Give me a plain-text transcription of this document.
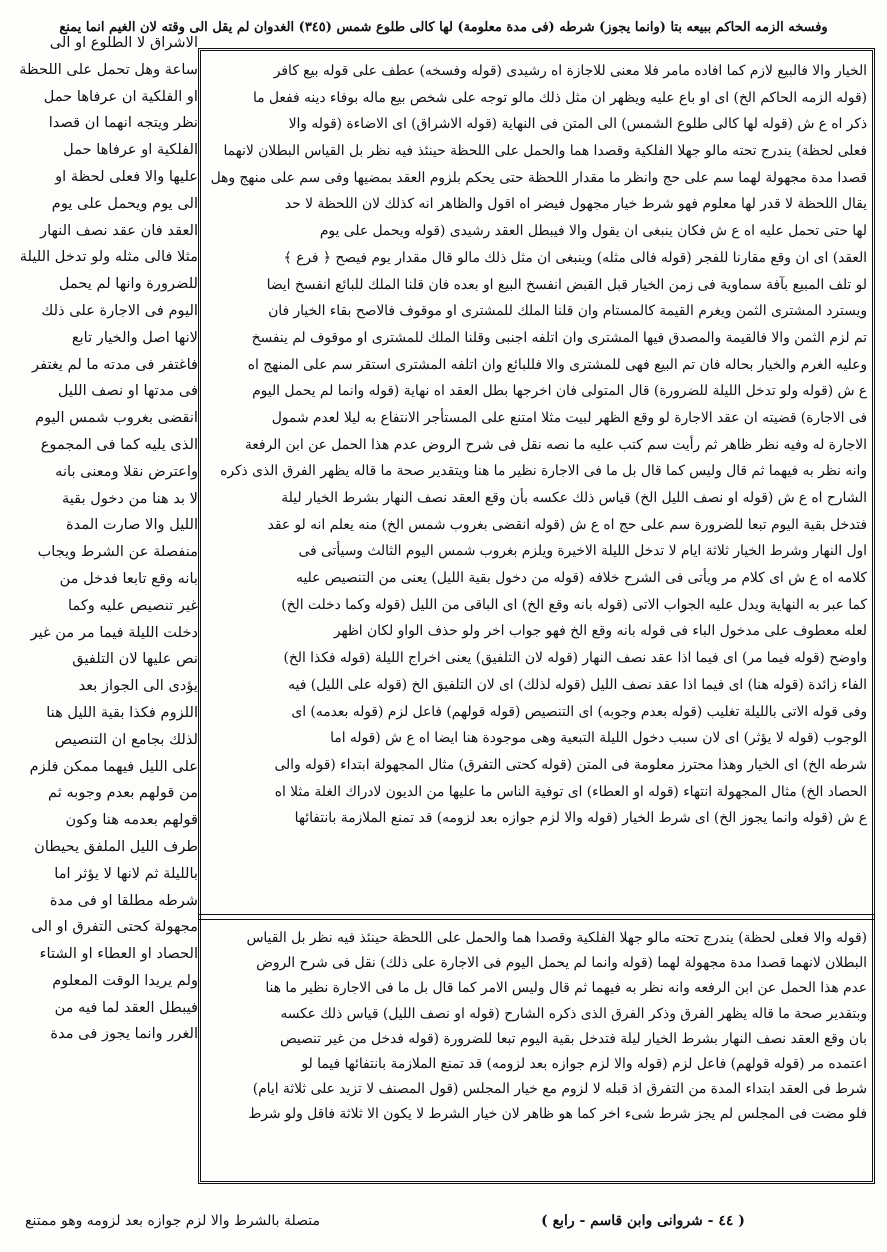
وفسخه الزمه الحاكم ببيعه بتا (وانما يجوز) شرطه (فى مدة معلومة) لها كالى طلوع شمس (٣٤٥) الغدوان لم يقل الى وقته لان الغيم انما يمنع
الاشراق لا الطلوع او الى
ساعة وهل تحمل على اللحظة
او الفلكية ان عرفاها حمل
نظر ويتجه انهما ان قصدا
الفلكية او عرفاها حمل
عليها والا فعلى لحظة او
الى يوم ويحمل على يوم
العقد فان عقد نصف النهار
مثلا فالى مثله ولو تدخل الليلة
للضرورة وانها لم يحمل
اليوم فى الاجارة على ذلك
لانها اصل والخيار تابع
فاغتفر فى مدته ما لم يغتفر
فى مدتها او نصف الليل
انقضى بغروب شمس اليوم
الذى يليه كما فى المجموع
واعترض نقلا ومعنى بانه
لا بد هنا من دخول بقية
الليل والا صارت المدة
منفصلة عن الشرط ويجاب
بانه وقع تابعا فدخل من
غير تنصيص عليه وكما
دخلت الليلة فيما مر من غير
نص عليها لان التلفيق
يؤدى الى الجواز بعد
اللزوم فكذا بقية الليل هنا
لذلك بجامع ان التنصيص
على الليل فيهما ممكن فلزم
من قولهم بعدم وجوبه ثم
قولهم بعدمه هنا وكون
طرف الليل الملفق يحيطان
بالليلة ثم لانها لا يؤثر اما
شرطه مطلقا او فى مدة
مجهولة كحتى التفرق او الى
الحصاد او العطاء او الشتاء
ولم يريدا الوقت المعلوم
فيبطل العقد لما فيه من
الغرر وانما يجوز فى مدة
الخيار والا فالبيع لازم كما افاده مامر فلا معنى للاجازة اه رشيدى (قوله وفسخه) عطف على قوله بيع كافر
(قوله الزمه الحاكم الخ) اى او باع عليه ويظهر ان مثل ذلك مالو توجه على شخص بيع ماله بوفاء دينه ففعل ما
ذكر اه ع ش (قوله لها كالى طلوع الشمس) الى المتن فى النهاية (قوله الاشراق) اى الاضاءة (قوله والا
فعلى لحظة) يندرج تحته مالو جهلا الفلكية وقصدا هما والحمل على اللحظة حينئذ فيه نظر بل القياس البطلان لانهما
قصدا مدة مجهولة لهما سم على حج وانظر ما مقدار اللحظة حتى يحكم بلزوم العقد بمضيها وفى سم على منهج وهل
يقال اللحظة لا قدر لها معلوم فهو شرط خيار مجهول فيضر اه اقول والظاهر انه كذلك لان اللحظة لا حد
لها حتى تحمل عليه اه ع ش فكان ينبغى ان يقول والا فيبطل العقد رشيدى (قوله ويحمل على يوم
العقد) اى ان وقع مقارنا للفجر (قوله فالى مثله) وينبغى ان مثل ذلك مالو قال مقدار يوم فيصح ﴿ فرع ﴾
لو تلف المبيع بآفة سماوية فى زمن الخيار قبل القبض انفسخ البيع او بعده فان قلنا الملك للبائع انفسخ ايضا
ويسترد المشترى الثمن ويغرم القيمة كالمستام وان قلنا الملك للمشترى او موقوف فالاصح بقاء الخيار فان
تم لزم الثمن والا فالقيمة والمصدق فيها المشترى وان اتلفه اجنبى وقلنا الملك للمشترى او موقوف لم ينفسخ
وعليه الغرم والخيار بحاله فان تم البيع فهى للمشترى والا فللبائع وان اتلفه المشترى استقر سم على المنهج اه
ع ش (قوله ولو تدخل الليلة للضرورة) قال المتولى فان اخرجها بطل العقد اه نهاية (قوله وانما لم يحمل اليوم
فى الاجارة) قضيته ان عقد الاجارة لو وقع الظهر لبيت مثلا امتنع على المستأجر الانتفاع به ليلا لعدم شمول
الاجارة له وفيه نظر ظاهر ثم رأيت سم كتب عليه ما نصه نقل فى شرح الروض عدم هذا الحمل عن ابن الرفعة
وانه نظر به فيهما ثم قال وليس كما قال بل ما فى الاجارة نظير ما هنا ويتقدير صحة ما قاله يظهر الفرق الذى ذكره
الشارح اه ع ش (قوله او نصف الليل الخ) قياس ذلك عكسه بأن وقع العقد نصف النهار بشرط الخيار ليلة
فتدخل بقية اليوم تبعا للضرورة سم على حج اه ع ش (قوله انقضى بغروب شمس الخ) منه يعلم انه لو عقد
اول النهار وشرط الخيار ثلاثة ايام لا تدخل الليلة الاخيرة ويلزم بغروب شمس اليوم الثالث وسيأتى فى
كلامه اه ع ش اى كلام مر ويأتى فى الشرح خلافه (قوله من دخول بقية الليل) يعنى من التنصيص عليه
كما عبر به النهاية ويدل عليه الجواب الاتى (قوله بانه وقع الخ) اى الباقى من الليل (قوله وكما دخلت الخ)
لعله معطوف على مدخول الباء فى قوله بانه وقع الخ فهو جواب اخر ولو حذف الواو لكان اظهر
واوضح (قوله فيما مر) اى فيما اذا عقد نصف النهار (قوله لان التلفيق) يعنى اخراج الليلة (قوله فكذا الخ)
الفاء زائدة (قوله هنا) اى فيما اذا عقد نصف الليل (قوله لذلك) اى لان التلفيق الخ (قوله على الليل) فيه
وفى قوله الاتى بالليلة تغليب (قوله بعدم وجوبه) اى التنصيص (قوله قولهم) فاعل لزم (قوله بعدمه) اى
الوجوب (قوله لا يؤثر) اى لان سبب دخول الليلة التبعية وهى موجودة هنا ايضا اه ع ش (قوله اما
شرطه الخ) اى الخيار وهذا محترز معلومة فى المتن (قوله كحتى التفرق) مثال المجهولة ابتداء (قوله والى
الحصاد الخ) مثال المجهولة انتهاء (قوله او العطاء) اى توفية الناس ما عليها من الديون لادراك الغلة مثلا اه
ع ش (قوله وانما يجوز الخ) اى شرط الخيار (قوله والا لزم جوازه بعد لزومه) قد تمنع الملازمة بانتفائها
(قوله والا فعلى لحظة) يندرج تحته مالو جهلا الفلكية وقصدا هما والحمل على اللحظة حينئذ فيه نظر بل القياس
البطلان لانهما قصدا مدة مجهولة لهما (قوله وانما لم يحمل اليوم فى الاجارة على ذلك) نقل فى شرح الروض
عدم هذا الحمل عن ابن الرفعه وانه نظر به فيهما ثم قال وليس الامر كما قال بل ما فى الاجارة نظير ما هنا
وبتقدير صحة ما قاله يظهر الفرق وذكر الفرق الذى ذكره الشارح (قوله او نصف الليل) قياس ذلك عكسه
بان وقع العقد نصف النهار بشرط الخيار ليلة فتدخل بقية اليوم تبعا للضرورة (قوله فدخل من غير تنصيص
اعتمده مر (قوله قولهم) فاعل لزم (قوله والا لزم جوازه بعد لزومه) قد تمنع الملازمة بانتفائها فيما لو
شرط فى العقد ابتداء المدة من التفرق اذ قبله لا لزوم مع خيار المجلس (قول المصنف لا تزيد على ثلاثة ايام)
فلو مضت فى المجلس لم يجز شرط شىء اخر كما هو ظاهر لان خيار الشرط لا يكون الا ثلاثة فاقل ولو شرط
متصلة بالشرط والا لزم جوازه بعد لزومه وهو ممتنع	( ٤٤ - شروانى وابن قاسم - رابع )
